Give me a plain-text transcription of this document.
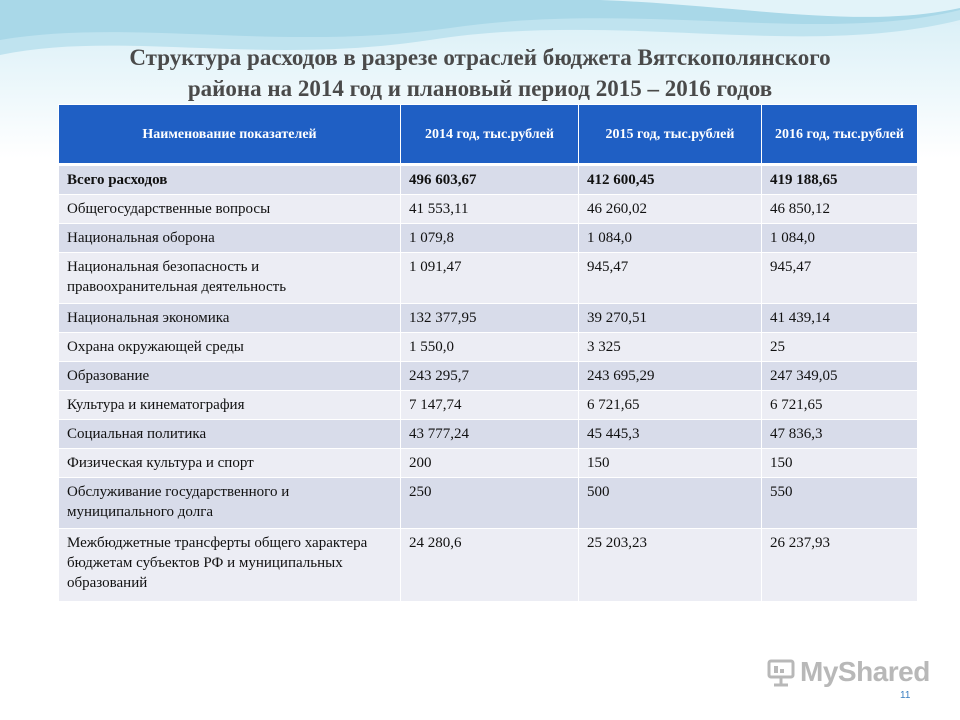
Структура расходов в разрезе отраслей бюджета Вятскополянского
района на 2014 год и плановый период 2015 – 2016 годов
Наименование показателей	2014 год, тыс.рублей	2015 год, тыс.рублей	2016 год, тыс.рублей
Всего расходов	496 603,67	412 600,45	419 188,65
Общегосударственные вопросы	41 553,11	46 260,02	46 850,12
Национальная оборона	1 079,8	1 084,0	1 084,0
Национальная безопасность и правоохранительная деятельность	1 091,47	945,47	945,47
Национальная экономика	132 377,95	39 270,51	41 439,14
Охрана окружающей среды	1 550,0	3 325	25
Образование	243 295,7	243 695,29	247 349,05
Культура и кинематография	7 147,74	6 721,65	6 721,65
Социальная политика	43 777,24	45 445,3	47 836,3
Физическая культура и спорт	200	150	150
Обслуживание государственного и муниципального долга	250	500	550
Межбюджетные трансферты общего характера бюджетам субъектов РФ и муниципальных образований	24 280,6	25 203,23	26 237,93
MyShared
11
